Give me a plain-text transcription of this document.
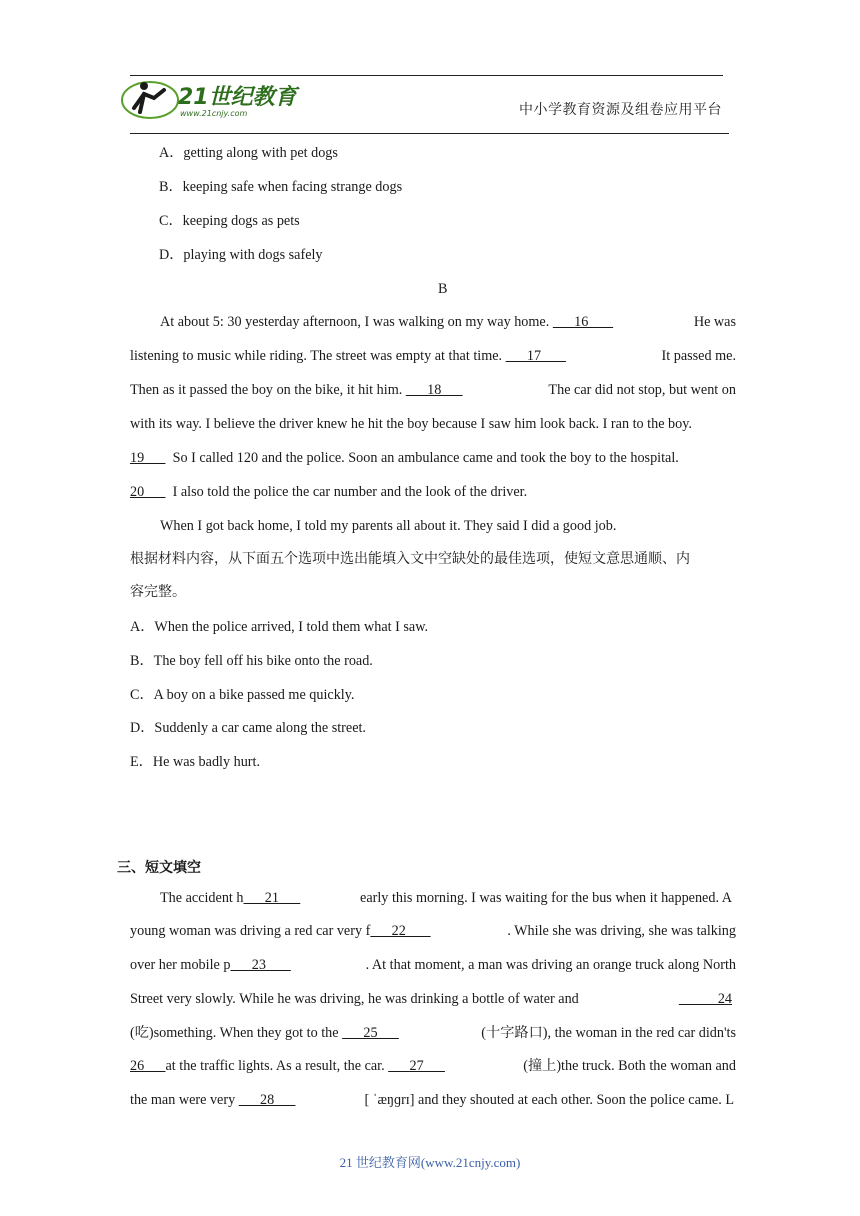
21世纪教育
www.21cnjy.com	中小学教育资源及组卷应用平台
A．getting along with pet dogs
B．keeping safe when facing strange dogs
C．keeping dogs as pets
D．playing with dogs safely
B
At about 5: 30 yesterday afternoon, I was walking on my way home.       16	He was
listening to music while riding. The street was empty at that time.       17	It passed me.
Then as it passed the boy on the bike, it hit him.       18	The car did not stop, but went on
with its way. I believe the driver knew he hit the boy because I saw him look back. I ran to the boy.
19        So I called 120 and the police. Soon an ambulance came and took the boy to the hospital.
20        I also told the police the car number and the look of the driver.
When I got back home, I told my parents all about it. They said I did a good job.
根据材料内容，从下面五个选项中选出能填入文中空缺处的最佳选项，使短文意思通顺、内
容完整。
A．When the police arrived, I told them what I saw.
B．The boy fell off his bike onto the road.
C．A boy on a bike passed me quickly.
D．Suddenly a car came along the street.
E．He was badly hurt.
三、短文填空
The accident h      21	early this morning. I was waiting for the bus when it happened. A
young woman was driving a red car very f      22	. While she was driving, she was talking
over her mobile p      23	. At that moment, a man was driving an orange truck along North
Street very slowly. While he was driving, he was drinking a bottle of water and	24
(吃)something. When they got to the       25	(十字路口), the woman in the red car didn'ts
26      at the traffic lights. As a result, the car.       27	(撞上)the truck. Both the woman and
the man were very       28	[ ˈæŋɡrɪ] and they shouted at each other. Soon the police came. L
21 世纪教育网(www.21cnjy.com)
